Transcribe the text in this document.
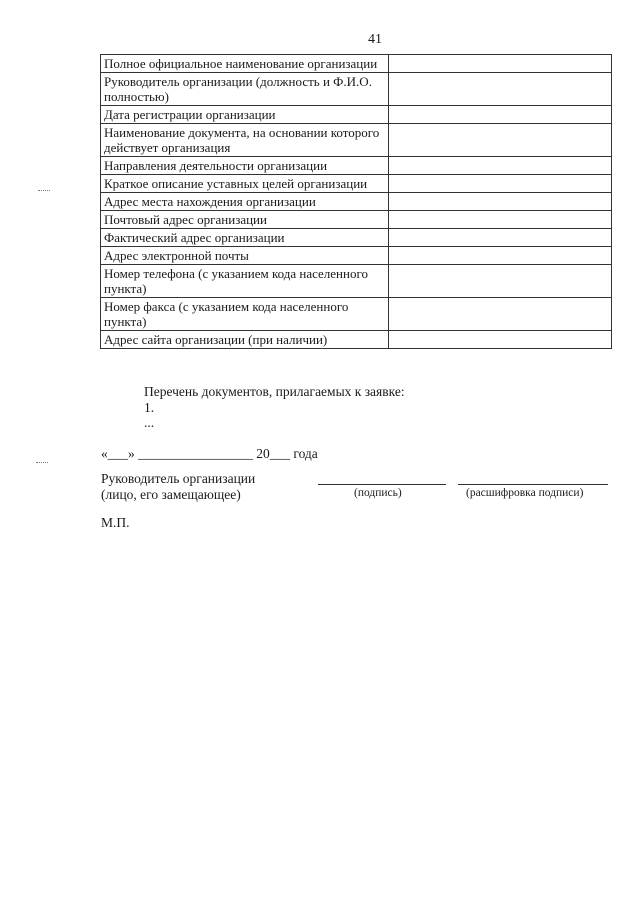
41
Полное официальное наименование организации	
Руководитель организации (должность и Ф.И.О. полностью)	
Дата регистрации организации	
Наименование документа, на основании которого действует организация	
Направления деятельности организации	
Краткое описание уставных целей организации	
Адрес места нахождения организации	
Почтовый адрес организации	
Фактический адрес организации	
Адрес электронной почты	
Номер телефона (с указанием кода населенного пункта)	
Номер факса (с указанием кода населенного пункта)	
Адрес сайта организации (при наличии)	
Перечень документов, прилагаемых к заявке:
1.
...
«___» _________________ 20___ года
Руководитель организации
(лицо, его замещающее)	(подпись)	(расшифровка подписи)
М.П.
